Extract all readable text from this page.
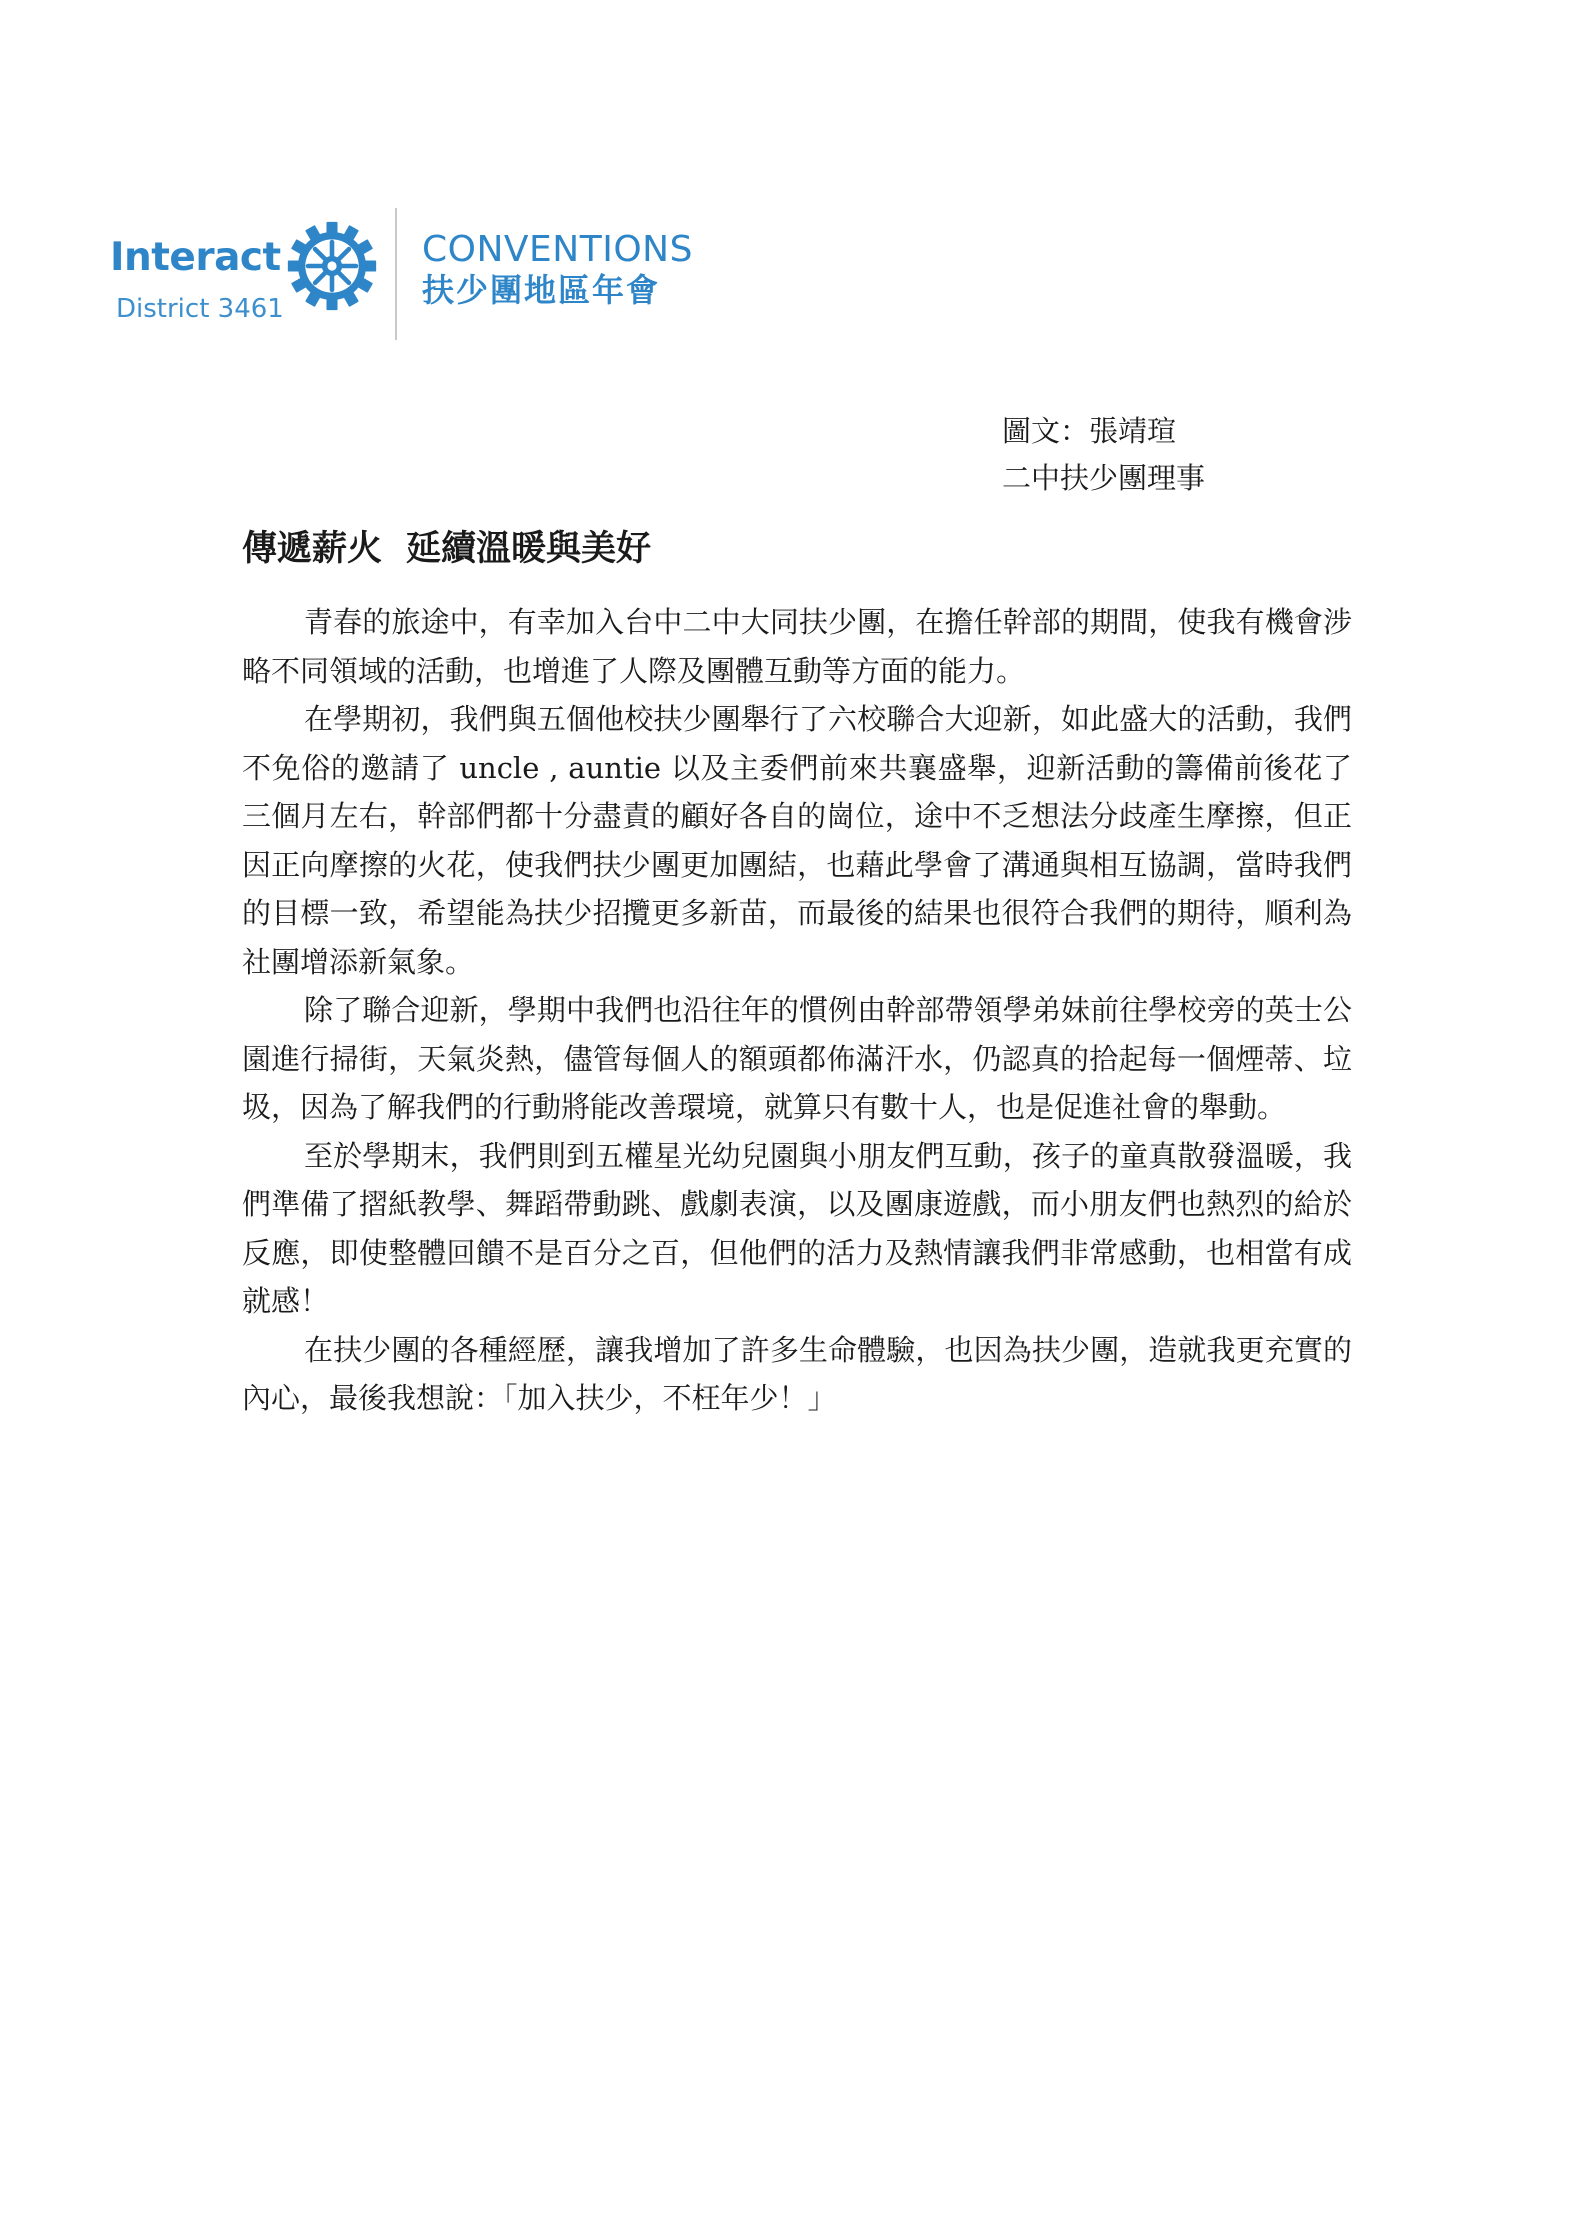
Interact
District 3461
CONVENTIONS
扶少團地區年會
圖文：張靖瑄
二中扶少團理事
傳遞薪火 延續溫暖與美好

青春的旅途中，有幸加入台中二中大同扶少團，在擔任幹部的期間，使我有機會涉略不同領域的活動，也增進了人際及團體互動等方面的能力。

在學期初，我們與五個他校扶少團舉行了六校聯合大迎新，如此盛大的活動，我們不免俗的邀請了 uncle , auntie 以及主委們前來共襄盛舉，迎新活動的籌備前後花了三個月左右，幹部們都十分盡責的顧好各自的崗位，途中不乏想法分歧產生摩擦，但正因正向摩擦的火花，使我們扶少團更加團結，也藉此學會了溝通與相互協調，當時我們的目標一致，希望能為扶少招攬更多新苗，而最後的結果也很符合我們的期待，順利為社團增添新氣象。

除了聯合迎新，學期中我們也沿往年的慣例由幹部帶領學弟妹前往學校旁的英士公園進行掃街，天氣炎熱，儘管每個人的額頭都佈滿汗水，仍認真的拾起每一個煙蒂、垃圾，因為了解我們的行動將能改善環境，就算只有數十人，也是促進社會的舉動。

至於學期末，我們則到五權星光幼兒園與小朋友們互動，孩子的童真散發溫暖，我們準備了摺紙教學、舞蹈帶動跳、戲劇表演，以及團康遊戲，而小朋友們也熱烈的給於反應，即使整體回饋不是百分之百，但他們的活力及熱情讓我們非常感動，也相當有成就感！

在扶少團的各種經歷，讓我增加了許多生命體驗，也因為扶少團，造就我更充實的內心，最後我想說：「加入扶少，不枉年少！」
